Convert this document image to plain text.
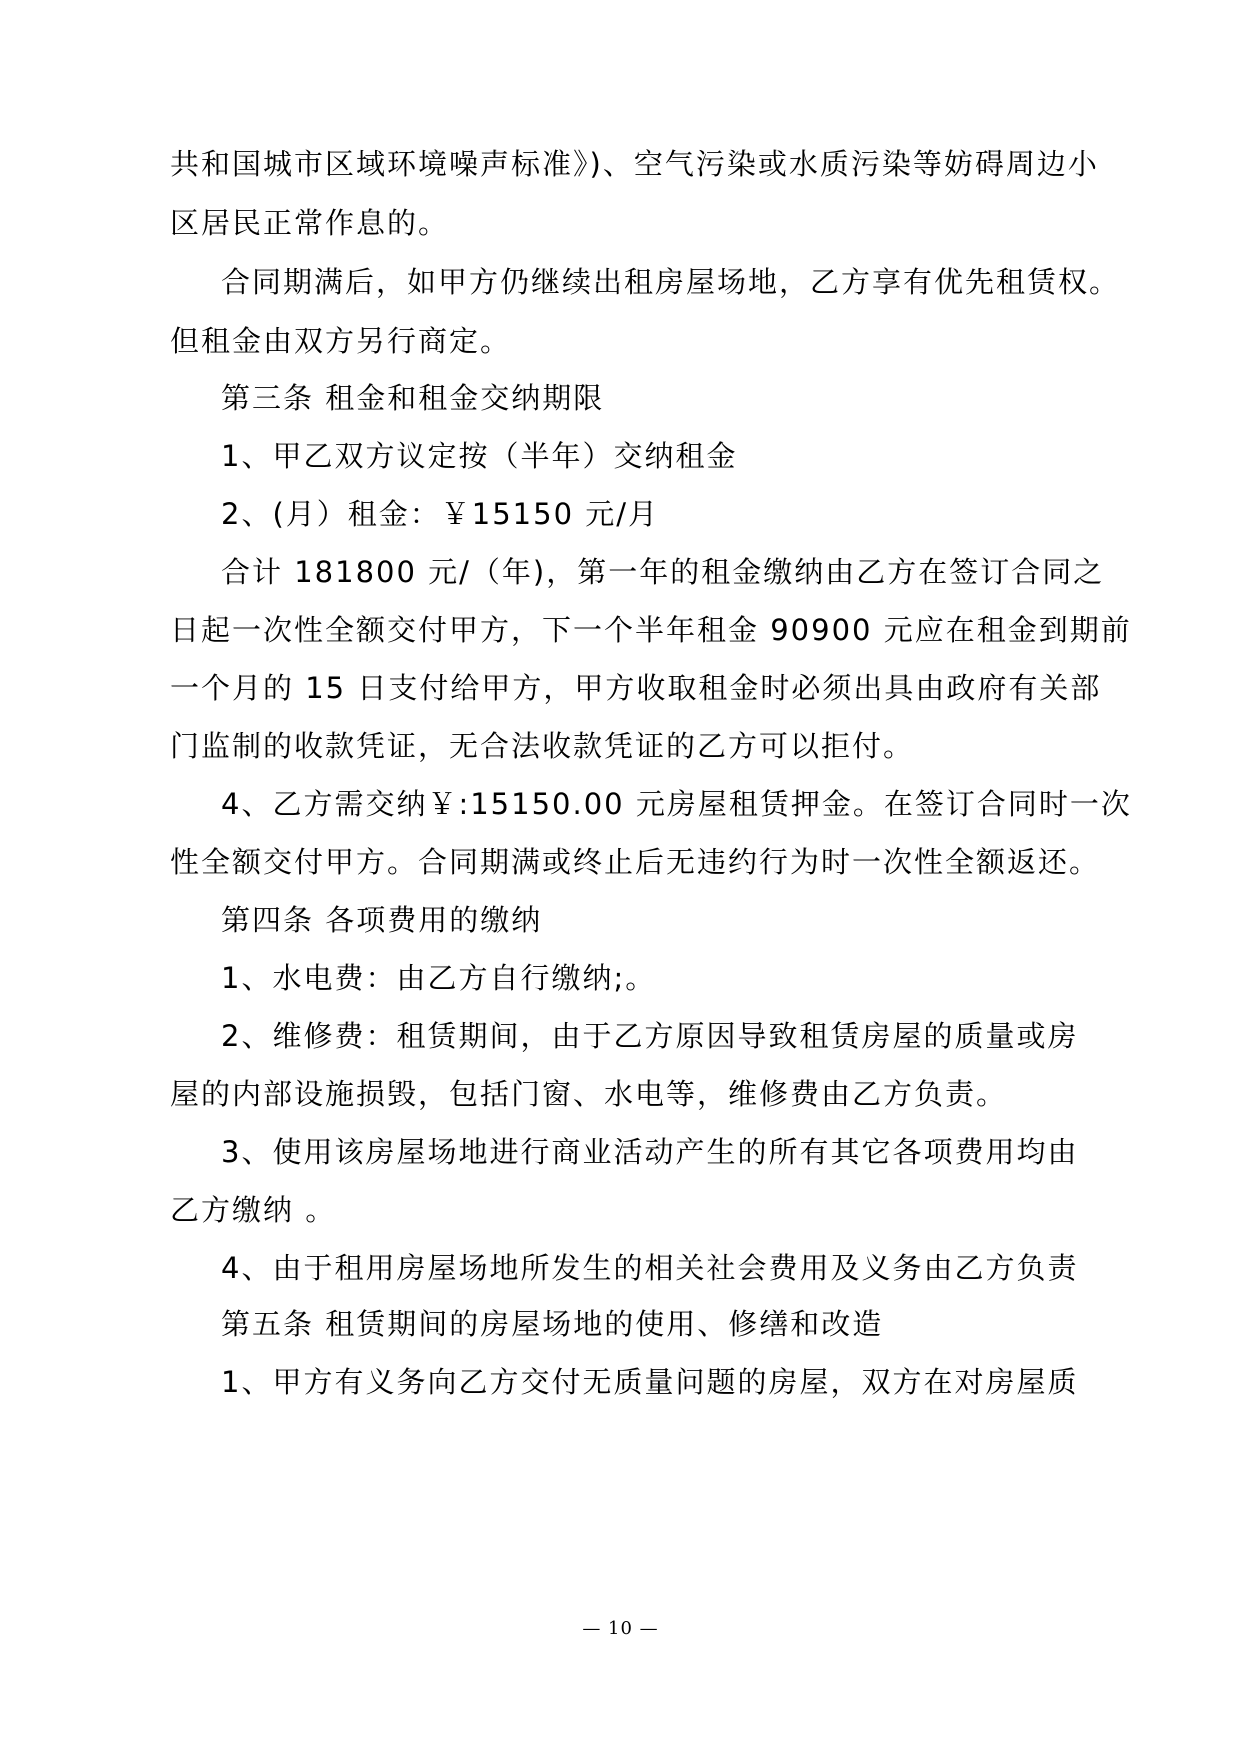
共和国城市区域环境噪声标准》)、空气污染或水质污染等妨碍周边小
区居民正常作息的。
合同期满后，如甲方仍继续出租房屋场地，乙方享有优先租赁权。
但租金由双方另行商定。
第三条 租金和租金交纳期限
1、甲乙双方议定按（半年）交纳租金
2、(月）租金：￥15150 元/月
合计 181800 元/（年)，第一年的租金缴纳由乙方在签订合同之
日起一次性全额交付甲方，下一个半年租金 90900 元应在租金到期前
一个月的 15 日支付给甲方，甲方收取租金时必须出具由政府有关部
门监制的收款凭证，无合法收款凭证的乙方可以拒付。
4、乙方需交纳￥:15150.00 元房屋租赁押金。在签订合同时一次
性全额交付甲方。合同期满或终止后无违约行为时一次性全额返还。
第四条 各项费用的缴纳
1、水电费：由乙方自行缴纳;。
2、维修费：租赁期间，由于乙方原因导致租赁房屋的质量或房
屋的内部设施损毁，包括门窗、水电等，维修费由乙方负责。
3、使用该房屋场地进行商业活动产生的所有其它各项费用均由
乙方缴纳 。
4、由于租用房屋场地所发生的相关社会费用及义务由乙方负责
第五条 租赁期间的房屋场地的使用、修缮和改造
1、甲方有义务向乙方交付无质量问题的房屋，双方在对房屋质
— 10 —
